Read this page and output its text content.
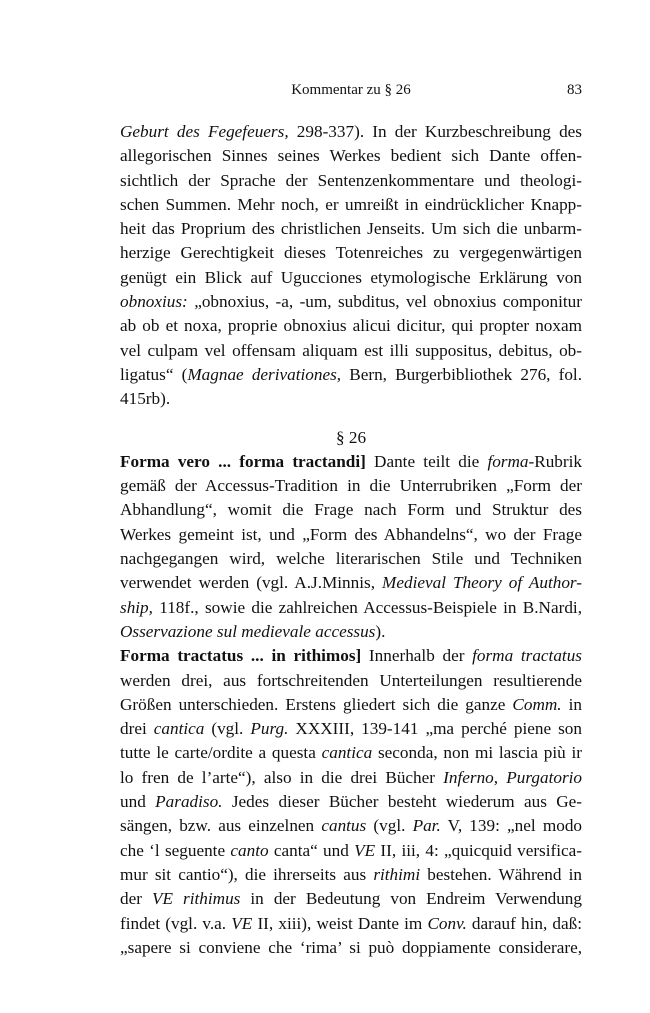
Kommentar zu § 26	83
Geburt des Fegefeuers, 298-337). In der Kurzbeschreibung des
allegorischen Sinnes seines Werkes bedient sich Dante offen-
sichtlich der Sprache der Sentenzenkommentare und theologi-
schen Summen. Mehr noch, er umreißt in eindrücklicher Knapp-
heit das Proprium des christlichen Jenseits. Um sich die unbarm-
herzige Gerechtigkeit dieses Totenreiches zu vergegenwärtigen
genügt ein Blick auf Ugucciones etymologische Erklärung von
obnoxius: „obnoxius, -a, -um, subditus, vel obnoxius componitur
ab ob et noxa, proprie obnoxius alicui dicitur, qui propter noxam
vel culpam vel offensam aliquam est illi suppositus, debitus, ob-
ligatus“ (Magnae derivationes, Bern, Burgerbibliothek 276, fol.
415rb).
§ 26
Forma vero ... forma tractandi] Dante teilt die forma-Rubrik
gemäß der Accessus-Tradition in die Unterrubriken „Form der
Abhandlung“, womit die Frage nach Form und Struktur des
Werkes gemeint ist, und „Form des Abhandelns“, wo der Frage
nachgegangen wird, welche literarischen Stile und Techniken
verwendet werden (vgl. A.J.Minnis, Medieval Theory of Author-
ship, 118f., sowie die zahlreichen Accessus-Beispiele in B.Nardi,
Osservazione sul medievale accessus).
Forma tractatus ... in rithimos] Innerhalb der forma tractatus
werden drei, aus fortschreitenden Unterteilungen resultierende
Größen unterschieden. Erstens gliedert sich die ganze Comm. in
drei cantica (vgl. Purg. XXXIII, 139-141 „ma perché piene son
tutte le carte/ordite a questa cantica seconda, non mi lascia più ir
lo fren de l’arte“), also in die drei Bücher Inferno, Purgatorio
und Paradiso. Jedes dieser Bücher besteht wiederum aus Ge-
sängen, bzw. aus einzelnen cantus (vgl. Par. V, 139: „nel modo
che ‘l seguente canto canta“ und VE II, iii, 4: „quicquid versifica-
mur sit cantio“), die ihrerseits aus rithimi bestehen. Während in
der VE rithimus in der Bedeutung von Endreim Verwendung
findet (vgl. v.a. VE II, xiii), weist Dante im Conv. darauf hin, daß:
„sapere si conviene che ‘rima’ si può doppiamente considerare,
